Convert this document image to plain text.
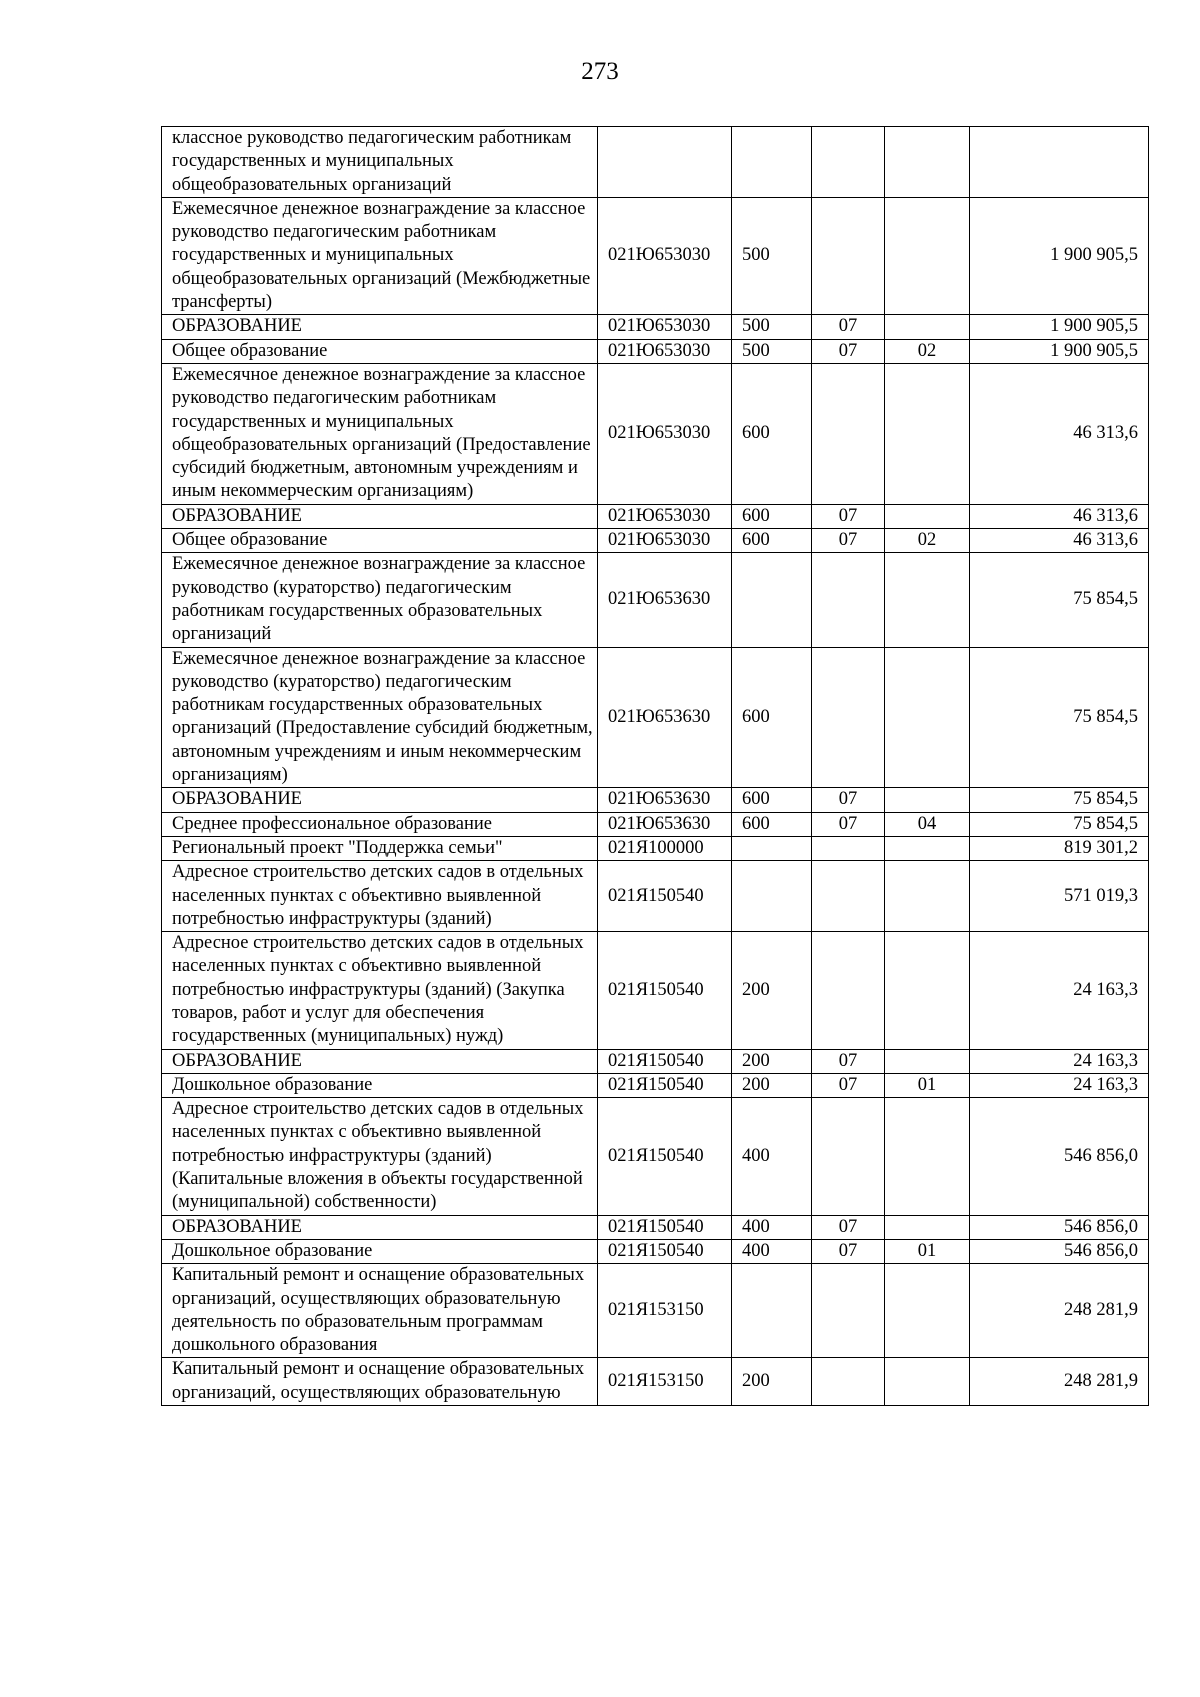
273
классное руководство педагогическим работникам государственных и муниципальных общеобразовательных организаций					
Ежемесячное денежное вознаграждение за классное руководство педагогическим работникам государственных и муниципальных общеобразовательных организаций (Межбюджетные трансферты)	021Ю653030	500			1 900 905,5
ОБРАЗОВАНИЕ	021Ю653030	500	07		1 900 905,5
Общее образование	021Ю653030	500	07	02	1 900 905,5
Ежемесячное денежное вознаграждение за классное руководство педагогическим работникам государственных и муниципальных общеобразовательных организаций (Предоставление субсидий бюджетным, автономным учреждениям и иным некоммерческим организациям)	021Ю653030	600			46 313,6
ОБРАЗОВАНИЕ	021Ю653030	600	07		46 313,6
Общее образование	021Ю653030	600	07	02	46 313,6
Ежемесячное денежное вознаграждение за классное руководство (кураторство) педагогическим работникам государственных образовательных организаций	021Ю653630				75 854,5
Ежемесячное денежное вознаграждение за классное руководство (кураторство) педагогическим работникам государственных образовательных организаций (Предоставление субсидий бюджетным, автономным учреждениям и иным некоммерческим организациям)	021Ю653630	600			75 854,5
ОБРАЗОВАНИЕ	021Ю653630	600	07		75 854,5
Среднее профессиональное образование	021Ю653630	600	07	04	75 854,5
Региональный проект "Поддержка семьи"	021Я100000				819 301,2
Адресное строительство детских садов в отдельных населенных пунктах с объективно выявленной потребностью инфраструктуры (зданий)	021Я150540				571 019,3
Адресное строительство детских садов в отдельных населенных пунктах с объективно выявленной потребностью инфраструктуры (зданий) (Закупка товаров, работ и услуг для обеспечения государственных (муниципальных) нужд)	021Я150540	200			24 163,3
ОБРАЗОВАНИЕ	021Я150540	200	07		24 163,3
Дошкольное образование	021Я150540	200	07	01	24 163,3
Адресное строительство детских садов в отдельных населенных пунктах с объективно выявленной потребностью инфраструктуры (зданий) (Капитальные вложения в объекты государственной (муниципальной) собственности)	021Я150540	400			546 856,0
ОБРАЗОВАНИЕ	021Я150540	400	07		546 856,0
Дошкольное образование	021Я150540	400	07	01	546 856,0
Капитальный ремонт и оснащение образовательных организаций, осуществляющих образовательную деятельность по образовательным программам дошкольного образования	021Я153150				248 281,9
Капитальный ремонт и оснащение образовательных организаций, осуществляющих образовательную	021Я153150	200			248 281,9
